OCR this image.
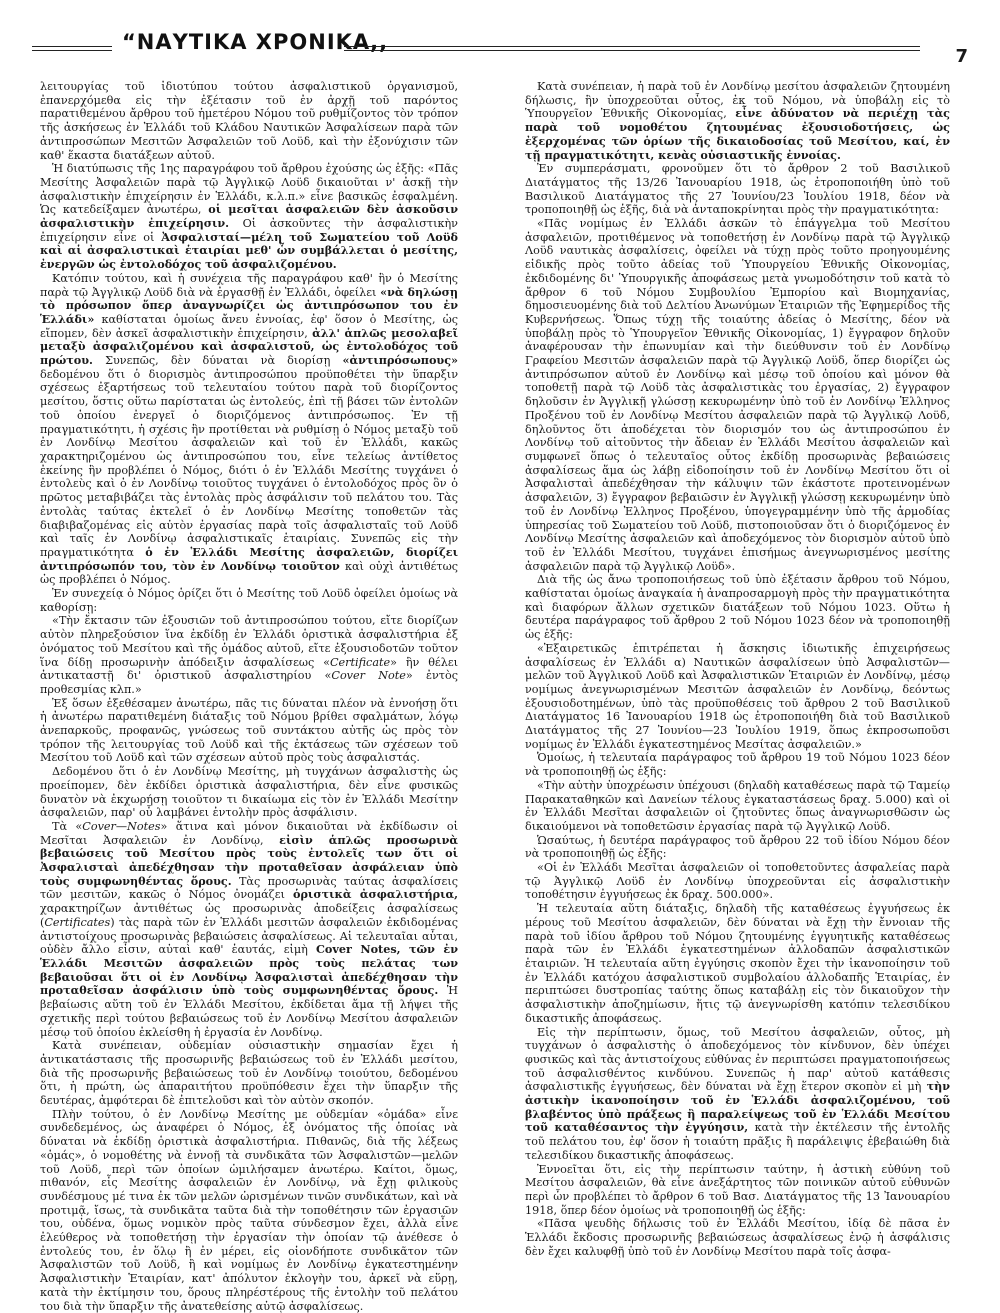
“ΝΑΥΤΙΚΑ ΧΡΟΝΙΚΑ,,
7

λειτουργίας τοῦ ἰδιοτύπου τούτου ἀσφαλιστικοῦ ὀργανισμοῦ, ἐπανερχόμεθα εἰς τὴν ἐξέτασιν τοῦ ἐν ἀρχῇ τοῦ παρόντος παρατιθεμένου ἄρθρου τοῦ ἡμετέρου Νόμου τοῦ ρυθμίζοντος τὸν τρόπον τῆς ἀσκήσεως ἐν Ἑλλάδι τοῦ Κλάδου Ναυτικῶν Ἀσφαλίσεων παρὰ τῶν ἀντιπροσώπων Μεσιτῶν Ἀσφαλειῶν τοῦ Λοϋδ, καὶ τὴν ἐξονύχισιν τῶν καθ' ἕκαστα διατάξεων αὐτοῦ.

Ἡ διατύπωσις τῆς 1ης παραγράφου τοῦ ἄρθρου ἐχούσης ὡς ἑξῆς: «Πᾶς Μεσίτης Ἀσφαλειῶν παρὰ τῷ Ἀγγλικῷ Λοϋδ δικαιοῦται ν' ἀσκῇ τὴν ἀσφαλιστικὴν ἐπιχείρησιν ἐν Ἑλλάδι, κ.λ.π.» εἶνε βασικῶς ἐσφαλμένη. Ὡς κατεδείξαμεν ἀνωτέρω, οἱ μεσῖται ἀσφαλειῶν δὲν ἀσκοῦσιν ἀσφαλιστικὴν ἐπιχείρησιν. Οἱ ἀσκοῦντες τὴν ἀσφαλιστικὴν ἐπιχείρησιν εἶνε οἱ Ἀσφαλισταί—μέλη τοῦ Σωματείου τοῦ Λοϋδ καὶ αἱ ἀσφαλιστικαὶ ἑταιρίαι μεθ' ὧν συμβάλλεται ὁ μεσίτης, ἐνεργῶν ὡς ἐντολοδόχος τοῦ ἀσφαλιζομένου.

Κατόπιν τούτου, καὶ ἡ συνέχεια τῆς παραγράφου καθ' ἣν ὁ Μεσίτης παρὰ τῷ Ἀγγλικῷ Λοϋδ διὰ νὰ ἐργασθῇ ἐν Ἑλλάδι, ὀφείλει «νὰ δηλώσῃ τὸ πρόσωπον ὅπερ ἀναγνωρίζει ὡς ἀντιπρόσωπον του ἐν Ἑλλάδι» καθίσταται ὁμοίως ἄνευ ἐννοίας, ἐφ' ὅσον ὁ Μεσίτης, ὡς εἴπομεν, δὲν ἀσκεῖ ἀσφαλιστικὴν ἐπιχείρησιν, ἀλλ' ἁπλῶς μεσολαβεῖ μεταξὺ ἀσφαλιζομένου καὶ ἀσφαλιστοῦ, ὡς ἐντολοδόχος τοῦ πρώτου. Συνεπῶς, δὲν δύναται νὰ διορίσῃ «ἀντιπρόσωπους» δεδομένου ὅτι ὁ διορισμὸς ἀντιπροσώπου προϋποθέτει τὴν ὕπαρξιν σχέσεως ἐξαρτήσεως τοῦ τελευταίου τούτου παρὰ τοῦ διορίζοντος μεσίτου, ὅστις οὕτω παρίσταται ὡς ἐντολεύς, ἐπὶ τῇ βάσει τῶν ἐντολῶν τοῦ ὁποίου ἐνεργεῖ ὁ διοριζόμενος ἀντιπρόσωπος. Ἐν τῇ πραγματικότητι, ἡ σχέσις ἣν προτίθεται νὰ ρυθμίσῃ ὁ Νόμος μεταξὺ τοῦ ἐν Λονδίνῳ Μεσίτου ἀσφαλειῶν καὶ τοῦ ἐν Ἑλλάδι, κακῶς χαρακτηριζομένου ὡς ἀντιπροσώπου του, εἶνε τελείως ἀντίθετος ἐκείνης ἣν προβλέπει ὁ Νόμος, διότι ὁ ἐν Ἑλλάδι Μεσίτης τυγχάνει ὁ ἐντολεὺς καὶ ὁ ἐν Λονδίνῳ τοιοῦτος τυγχάνει ὁ ἐντολοδόχος πρὸς ὃν ὁ πρῶτος μεταβιβάζει τὰς ἐντολὰς πρὸς ἀσφάλισιν τοῦ πελάτου του. Τὰς ἐντολὰς ταύτας ἐκτελεῖ ὁ ἐν Λονδίνῳ Μεσίτης τοποθετῶν τὰς διαβιβαζομένας εἰς αὐτὸν ἐργασίας παρὰ τοῖς ἀσφαλισταῖς τοῦ Λοϋδ καὶ ταῖς ἐν Λονδίνῳ ἀσφαλιστικαῖς ἑταιρίαις. Συνεπῶς εἰς τὴν πραγματικότητα ὁ ἐν Ἑλλάδι Μεσίτης ἀσφαλειῶν, διορίζει ἀντιπρόσωπόν του, τὸν ἐν Λονδίνῳ τοιοῦτον καὶ οὐχὶ ἀντιθέτως ὡς προβλέπει ὁ Νόμος.

Ἐν συνεχείᾳ ὁ Νόμος ὁρίζει ὅτι ὁ Μεσίτης τοῦ Λοϋδ ὀφείλει ὁμοίως νὰ καθορίσῃ:

«Τὴν ἔκτασιν τῶν ἐξουσιῶν τοῦ ἀντιπροσώπου τούτου, εἴτε διορίζων αὐτὸν πληρεξούσιον ἵνα ἐκδίδῃ ἐν Ἑλλάδι ὁριστικὰ ἀσφαλιστήρια ἐξ ὀνόματος τοῦ Μεσίτου καὶ τῆς ὁμάδος αὐτοῦ, εἴτε ἐξουσιοδοτῶν τοῦτον ἵνα δίδῃ προσωρινὴν ἀπόδειξιν ἀσφαλίσεως «Certificate» ἣν θέλει ἀντικαταστῇ δι' ὁριστικοῦ ἀσφαλιστηρίου «Cover Note» ἐντὸς προθεσμίας κλπ.»

Ἐξ ὅσων ἐξεθέσαμεν ἀνωτέρω, πᾶς τις δύναται πλέον νὰ ἐννοήσῃ ὅτι ἡ ἀνωτέρω παρατιθεμένη διάταξις τοῦ Νόμου βρίθει σφαλμάτων, λόγῳ ἀνεπαρκοῦς, προφανῶς, γνώσεως τοῦ συντάκτου αὐτῆς ὡς πρὸς τὸν τρόπον τῆς λειτουργίας τοῦ Λοϋδ καὶ τῆς ἐκτάσεως τῶν σχέσεων τοῦ Μεσίτου τοῦ Λοϋδ καὶ τῶν σχέσεων αὐτοῦ πρὸς τοὺς ἀσφαλιστάς.

Δεδομένου ὅτι ὁ ἐν Λονδίνῳ Μεσίτης, μὴ τυγχάνων ἀσφαλιστὴς ὡς προείπομεν, δὲν ἐκδίδει ὁριστικὰ ἀσφαλιστήρια, δὲν εἶνε φυσικῶς δυνατὸν νὰ ἐκχωρήσῃ τοιοῦτον τι δικαίωμα εἰς τὸν ἐν Ἑλλάδι Μεσίτην ἀσφαλειῶν, παρ' οὗ λαμβάνει ἐντολὴν πρὸς ἀσφάλισιν.

Τὰ «Cover—Notes» ἅτινα καὶ μόνον δικαιοῦται νὰ ἐκδίδωσιν οἱ Μεσῖται Ἀσφαλειῶν ἐν Λονδίνῳ, εἰσὶν ἁπλῶς προσωρινὰ βεβαιώσεις τοῦ Μεσίτου πρὸς τοὺς ἐντολεῖς των ὅτι οἱ Ἀσφαλισταὶ ἀπεδέχθησαν τὴν προταθεῖσαν ἀσφάλειαν ὑπὸ τοὺς συμφωνηθέντας ὅρους. Τὰς προσωρινὰς ταύτας ἀσφαλίσεις τῶν μεσιτῶν, κακῶς ὁ Νόμος ὀνομάζει ὁριστικὰ ἀσφαλιστήρια, χαρακτηρίζων ἀντιθέτως ὡς προσωρινὰς ἀποδείξεις ἀσφαλίσεως (Certificates) τὰς παρὰ τῶν ἐν Ἑλλάδι μεσιτῶν ἀσφαλειῶν ἐκδιδομένας ἀντιστοίχους προσωρινὰς βεβαιώσεις ἀσφαλίσεως. Αἱ τελευταῖαι αὗται, οὐδὲν ἄλλο εἶσιν, αὐταὶ καθ' ἑαυτάς, εἰμὴ Cover Notes, τῶν ἐν Ἑλλάδι Μεσιτῶν ἀσφαλειῶν πρὸς τοὺς πελάτας των βεβαιοῦσαι ὅτι οἱ ἐν Λονδίνῳ Ἀσφαλισταὶ ἀπεδέχθησαν τὴν προταθεῖσαν ἀσφάλισιν ὑπὸ τοὺς συμφωνηθέντας ὅρους. Ἡ βεβαίωσις αὕτη τοῦ ἐν Ἑλλάδι Μεσίτου, ἐκδίδεται ἅμα τῇ λήψει τῆς σχετικῆς περὶ τούτου βεβαιώσεως τοῦ ἐν Λονδίνῳ Μεσίτου ἀσφαλειῶν μέσῳ τοῦ ὁποίου ἐκλείσθη ἡ ἐργασία ἐν Λονδίνῳ.

Κατὰ συνέπειαν, οὐδεμίαν οὐσιαστικὴν σημασίαν ἔχει ἡ ἀντικατάστασις τῆς προσωρινῆς βεβαιώσεως τοῦ ἐν Ἑλλάδι μεσίτου, διὰ τῆς προσωρινῆς βεβαιώσεως τοῦ ἐν Λονδίνῳ τοιούτου, δεδομένου ὅτι, ἡ πρώτη, ὡς ἀπαραιτήτου προϋπόθεσιν ἔχει τὴν ὕπαρξιν τῆς δευτέρας, ἀμφότεραι δὲ ἐπιτελοῦσι καὶ τὸν αὐτὸν σκοπόν.

Πλὴν τούτου, ὁ ἐν Λονδίνῳ Μεσίτης με οὐδεμίαν «ὁμάδα» εἶνε συνδεδεμένος, ὡς ἀναφέρει ὁ Νόμος, ἐξ ὀνόματος τῆς ὁποίας νὰ δύναται νὰ ἐκδίδῃ ὁριστικὰ ἀσφαλιστήρια. Πιθανῶς, διὰ τῆς λέξεως «ὁμάς», ὁ νομοθέτης νὰ ἐννοῇ τὰ συνδικᾶτα τῶν Ἀσφαλιστῶν—μελῶν τοῦ Λοϋδ, περὶ τῶν ὁποίων ὡμιλήσαμεν ἀνωτέρω. Καίτοι, ὅμως, πιθανόν, εἷς Μεσίτης ἀσφαλειῶν ἐν Λονδίνῳ, νὰ ἔχῃ φιλικοὺς συνδέσμους μέ τινα ἐκ τῶν μελῶν ὡρισμένων τινῶν συνδικάτων, καὶ νὰ προτιμᾷ, ἴσως, τὰ συνδικᾶτα ταῦτα διὰ τὴν τοποθέτησιν τῶν ἐργασιῶν του, οὐδένα, ὅμως νομικὸν πρὸς ταῦτα σύνδεσμον ἔχει, ἀλλὰ εἶνε ἐλεύθερος νὰ τοποθετήσῃ τὴν ἐργασίαν τὴν ὁποίαν τῷ ἀνέθεσε ὁ ἐντολεύς του, ἐν ὅλῳ ἢ ἐν μέρει, εἰς οἱονδήποτε συνδικᾶτον τῶν Ἀσφαλιστῶν τοῦ Λοϋδ, ἢ καὶ νομίμως ἐν Λονδίνῳ ἐγκατεστημένην Ἀσφαλιστικὴν Ἑταιρίαν, κατ' ἀπόλυτον ἐκλογὴν του, ἀρκεῖ νὰ εὕρῃ, κατὰ τὴν ἐκτίμησιν του, ὅρους πληρέστέρους τῆς ἐντολὴν τοῦ πελάτου του διὰ τὴν ὕπαρξιν τῆς ἀνατεθείσης αὐτῷ ἀσφαλίσεως.

Κατὰ συνέπειαν, ἡ παρὰ τοῦ ἐν Λονδίνῳ μεσίτου ἀσφαλειῶν ζητουμένη δήλωσις, ἣν ὑποχρεοῦται οὗτος, ἐκ τοῦ Νόμου, νὰ ὑποβάλῃ εἰς τὸ Ὑπουργεῖον Ἐθνικῆς Οἰκονομίας, εἶνε ἀδύνατον νὰ περιέχῃ τὰς παρὰ τοῦ νομοθέτου ζητουμένας ἐξουσιοδοτήσεις, ὡς ἐξερχομένας τῶν ὁρίων τῆς δικαιοδοσίας τοῦ Μεσίτου, καί, ἐν τῇ πραγματικότητι, κενὰς οὐσιαστικῆς ἐννοίας.

Ἐν συμπεράσματι, φρονοῦμεν ὅτι τὸ ἄρθρον 2 τοῦ Βασιλικοῦ Διατάγματος τῆς 13/26 Ἰανουαρίου 1918, ὡς ἐτροποποιήθη ὑπὸ τοῦ Βασιλικοῦ Διατάγματος τῆς 27 Ἰουνίου/23 Ἰουλίου 1918, δέον νὰ τροποποιηθῇ ὡς ἑξῆς, διὰ νὰ ἀνταποκρίνηται πρὸς τὴν πραγματικότητα:

«Πᾶς νομίμως ἐν Ἑλλάδι ἀσκῶν τὸ ἐπάγγελμα τοῦ Μεσίτου ἀσφαλειῶν, προτιθέμενος νὰ τοποθετήσῃ ἐν Λονδίνῳ παρὰ τῷ Ἀγγλικῷ Λοϋδ ναυτικὰς ἀσφαλίσεις, ὀφείλει νὰ τύχῃ πρὸς τοῦτο προηγουμένης εἰδικῆς πρὸς τοῦτο ἀδείας τοῦ Ὑπουργείου Ἐθνικῆς Οἰκονομίας, ἐκδιδομένης δι' Ὑπουργικῆς ἀποφάσεως μετὰ γνωμοδότησιν τοῦ κατὰ τὸ ἄρθρον 6 τοῦ Νόμου Συμβουλίου Ἐμπορίου καὶ Βιομηχανίας, δημοσιευομένης διὰ τοῦ Δελτίου Ἀνωνύμων Ἑταιριῶν τῆς Ἐφημερίδος τῆς Κυβερνήσεως. Ὅπως τύχῃ τῆς τοιαύτης ἀδείας ὁ Μεσίτης, δέον νὰ ὑποβάλῃ πρὸς τὸ Ὑπουργεῖον Ἐθνικῆς Οἰκονομίας, 1) ἔγγραφον δηλοῦν ἀναφέρουσαν τὴν ἐπωνυμίαν καὶ τὴν διεύθυνσιν τοῦ ἐν Λονδίνῳ Γραφείου Μεσιτῶν ἀσφαλειῶν παρὰ τῷ Ἀγγλικῷ Λοϋδ, ὅπερ διορίζει ὡς ἀντιπρόσωπον αὐτοῦ ἐν Λονδίνῳ καὶ μέσῳ τοῦ ὁποίου καὶ μόνον θὰ τοποθετῇ παρὰ τῷ Λοϋδ τὰς ἀσφαλιστικὰς του ἐργασίας, 2) ἔγγραφον δηλοῦσιν ἐν Ἀγγλικῇ γλώσσῃ κεκυρωμένην ὑπὸ τοῦ ἐν Λονδίνῳ Ἑλληνος Προξένου τοῦ ἐν Λονδίνῳ Μεσίτου ἀσφαλειῶν παρὰ τῷ Ἀγγλικῷ Λοϋδ, δηλοῦντος ὅτι ἀποδέχεται τὸν διορισμόν του ὡς ἀντιπροσώπου ἐν Λονδίνῳ τοῦ αἰτοῦντος τὴν ἄδειαν ἐν Ἑλλάδι Μεσίτου ἀσφαλειῶν καὶ συμφωνεῖ ὅπως ὁ τελευταῖος οὗτος ἐκδίδῃ προσωρινὰς βεβαιώσεις ἀσφαλίσεως ἅμα ὡς λάβῃ εἰδοποίησιν τοῦ ἐν Λονδίνῳ Μεσίτου ὅτι οἱ Ἀσφαλισταὶ ἀπεδέχθησαν τὴν κάλυψιν τῶν ἑκάστοτε προτεινομένων ἀσφαλειῶν, 3) ἔγγραφον βεβαιῶσιν ἐν Ἀγγλικῇ γλώσσῃ κεκυρωμένην ὑπὸ τοῦ ἐν Λονδίνῳ Ἑλληνος Προξένου, ὑπογεγραμμένην ὑπὸ τῆς ἁρμοδίας ὑπηρεσίας τοῦ Σωματείου τοῦ Λοϋδ, πιστοποιοῦσαν ὅτι ὁ διοριζόμενος ἐν Λονδίνῳ Μεσίτης ἀσφαλειῶν καὶ ἀποδεχόμενος τὸν διορισμὸν αὐτοῦ ὑπὸ τοῦ ἐν Ἑλλάδι Μεσίτου, τυγχάνει ἐπισήμως ἀνεγνωρισμένος μεσίτης ἀσφαλειῶν παρὰ τῷ Ἀγγλικῷ Λοϋδ».

Διὰ τῆς ὡς ἄνω τροποποιήσεως τοῦ ὑπὸ ἐξέτασιν ἄρθρου τοῦ Νόμου, καθίσταται ὁμοίως ἀναγκαία ἡ ἀναπροσαρμογὴ πρὸς τὴν πραγματικότητα καὶ διαφόρων ἄλλων σχετικῶν διατάξεων τοῦ Νόμου 1023. Οὕτω ἡ δευτέρα παράγραφος τοῦ ἄρθρου 2 τοῦ Νόμου 1023 δέον νὰ τροποποιηθῇ ὡς ἑξῆς:

«Ἐξαιρετικῶς ἐπιτρέπεται ἡ ἄσκησις ἰδιωτικῆς ἐπιχειρήσεως ἀσφαλίσεως ἐν Ἑλλάδι α) Ναυτικῶν ἀσφαλίσεων ὑπὸ Ἀσφαλιστῶν—μελῶν τοῦ Ἀγγλικοῦ Λοϋδ καὶ Ἀσφαλιστικῶν Ἑταιριῶν ἐν Λονδίνῳ, μέσῳ νομίμως ἀνεγνωρισμένων Μεσιτῶν ἀσφαλειῶν ἐν Λονδίνῳ, δεόντως ἐξουσιοδοτημένων, ὑπὸ τὰς προϋποθέσεις τοῦ ἄρθρου 2 τοῦ Βασιλικοῦ Διατάγματος 16 Ἰανουαρίου 1918 ὡς ἐτροποποιήθη διὰ τοῦ Βασιλικοῦ Διατάγματος τῆς 27 Ἰουνίου—23 Ἰουλίου 1919, ὅπως ἐκπροσωποῦσι νομίμως ἐν Ἑλλάδι ἐγκατεστημένος Μεσίτας ἀσφαλειῶν.»

Ὁμοίως, ἡ τελευταία παράγραφος τοῦ ἄρθρου 19 τοῦ Νόμου 1023 δέον νὰ τροποποιηθῇ ὡς ἑξῆς:

«Τὴν αὐτὴν ὑποχρέωσιν ὑπέχουσι (δηλαδὴ καταθέσεως παρὰ τῷ Ταμείῳ Παρακαταθηκῶν καὶ Δανείων τέλους ἐγκαταστάσεως δραχ. 5.000) καὶ οἱ ἐν Ἑλλάδι Μεσῖται ἀσφαλειῶν οἱ ζητοῦντες ὅπως ἀναγνωρισθῶσιν ὡς δικαιούμενοι νὰ τοποθετῶσιν ἐργασίας παρὰ τῷ Ἀγγλικῷ Λοϋδ.

Ὡσαύτως, ἡ δευτέρα παράγραφος τοῦ ἄρθρου 22 τοῦ ἰδίου Νόμου δέον νὰ τροποποιηθῇ ὡς ἑξῆς:

«Οἱ ἐν Ἑλλάδι Μεσῖται ἀσφαλειῶν οἱ τοποθετοῦντες ἀσφαλείας παρὰ τῷ Ἀγγλικῷ Λοϋδ ἐν Λονδίνῳ ὑποχρεοῦνται εἰς ἀσφαλιστικὴν τοποθέτησιν ἐγγυήσεως ἐκ δραχ. 500.000».

Ἡ τελευταία αὕτη διάταξις, δηλαδὴ τῆς καταθέσεως ἐγγυήσεως ἐκ μέρους τοῦ Μεσίτου ἀσφαλειῶν, δὲν δύναται νὰ ἔχῃ τὴν ἔννοιαν τῆς παρὰ τοῦ ἰδίου ἄρθρου τοῦ Νόμου ζητουμένης ἐγγυητικῆς καταθέσεως παρὰ τῶν ἐν Ἑλλάδι ἐγκατεστημένων ἀλλοδαπῶν ἀσφαλιστικῶν ἑταιριῶν. Ἡ τελευταία αὕτη ἐγγύησις σκοπὸν ἔχει τὴν ἱκανοποίησιν τοῦ ἐν Ἑλλάδι κατόχου ἀσφαλιστικοῦ συμβολαίου ἀλλοδαπῆς Ἑταιρίας, ἐν περιπτώσει δυστροπίας ταύτης ὅπως καταβάλῃ εἰς τὸν δικαιοῦχον τὴν ἀσφαλιστικὴν ἀποζημίωσιν, ἥτις τῷ ἀνεγνωρίσθη κατόπιν τελεσιδίκου δικαστικῆς ἀποφάσεως.

Εἰς τὴν περίπτωσιν, ὅμως, τοῦ Μεσίτου ἀσφαλειῶν, οὗτος, μὴ τυγχάνων ὁ ἀσφαλιστὴς ὁ ἀποδεχόμενος τὸν κίνδυνον, δὲν ὑπέχει φυσικῶς καὶ τὰς ἀντιστοίχους εὐθύνας ἐν περιπτώσει πραγματοποιήσεως τοῦ ἀσφαλισθέντος κινδύνου. Συνεπῶς ἡ παρ' αὐτοῦ κατάθεσις ἀσφαλιστικῆς ἐγγυήσεως, δὲν δύναται νὰ ἔχῃ ἕτερον σκοπὸν εἰ μὴ τὴν ἀστικὴν ἱκανοποίησιν τοῦ ἐν Ἑλλάδι ἀσφαλιζομένου, τοῦ βλαβέντος ὑπὸ πράξεως ἢ παραλείψεως τοῦ ἐν Ἑλλάδι Μεσίτου τοῦ καταθέσαντος τὴν ἐγγύησιν, κατὰ τὴν ἐκτέλεσιν τῆς ἐντολῆς τοῦ πελάτου του, ἐφ' ὅσον ἡ τοιαύτη πρᾶξις ἢ παράλειψις ἐβεβαιώθη διὰ τελεσιδίκου δικαστικῆς ἀποφάσεως.

Ἐννοεῖται ὅτι, εἰς τὴν περίπτωσιν ταύτην, ἡ ἀστικὴ εὐθύνη τοῦ Μεσίτου ἀσφαλειῶν, θὰ εἶνε ἀνεξάρτητος τῶν ποινικῶν αὐτοῦ εὐθυνῶν περὶ ὧν προβλέπει τὸ ἄρθρον 6 τοῦ Βασ. Διατάγματος τῆς 13 Ἰανουαρίου 1918, ὅπερ δέον ὁμοίως νὰ τροποποιηθῇ ὡς ἑξῆς:

«Πᾶσα ψευδὴς δήλωσις τοῦ ἐν Ἑλλάδι Μεσίτου, ἰδίᾳ δὲ πᾶσα ἐν Ἑλλάδι ἔκδοσις προσωρινῆς βεβαιώσεως ἀσφαλίσεως ἐνῷ ἡ ἀσφάλισις δὲν ἔχει καλυφθῇ ὑπὸ τοῦ ἐν Λονδίνῳ Μεσίτου παρὰ τοῖς ἀσφα-
